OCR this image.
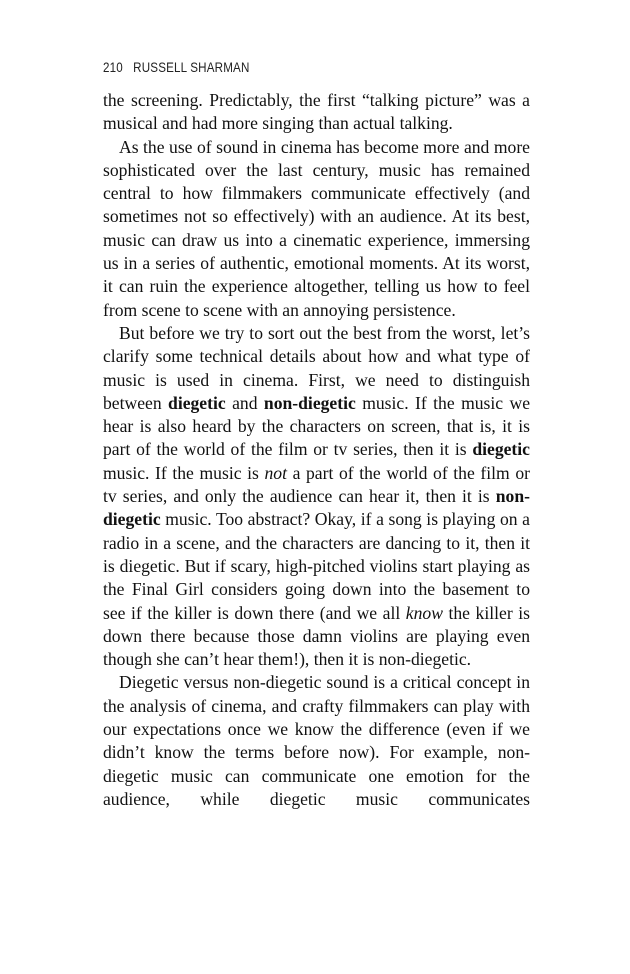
210 RUSSELL SHARMAN

the screening. Predictably, the first “talking picture” was a musical and had more singing than actual talking.

As the use of sound in cinema has become more and more sophisticated over the last century, music has remained central to how filmmakers communicate effectively (and sometimes not so effectively) with an audience. At its best, music can draw us into a cinematic experience, immersing us in a series of authentic, emotional moments. At its worst, it can ruin the experience altogether, telling us how to feel from scene to scene with an annoying persistence.

But before we try to sort out the best from the worst, let’s clarify some technical details about how and what type of music is used in cinema. First, we need to distinguish between diegetic and non-diegetic music. If the music we hear is also heard by the characters on screen, that is, it is part of the world of the film or tv series, then it is diegetic music. If the music is not a part of the world of the film or tv series, and only the audience can hear it, then it is non-diegetic music. Too abstract? Okay, if a song is playing on a radio in a scene, and the characters are dancing to it, then it is diegetic. But if scary, high-pitched violins start playing as the Final Girl considers going down into the basement to see if the killer is down there (and we all know the killer is down there because those damn violins are playing even though she can’t hear them!), then it is non-diegetic.

Diegetic versus non-diegetic sound is a critical concept in the analysis of cinema, and crafty filmmakers can play with our expectations once we know the difference (even if we didn’t know the terms before now). For example, non-diegetic music can communicate one emotion for the audience, while diegetic music communicates
